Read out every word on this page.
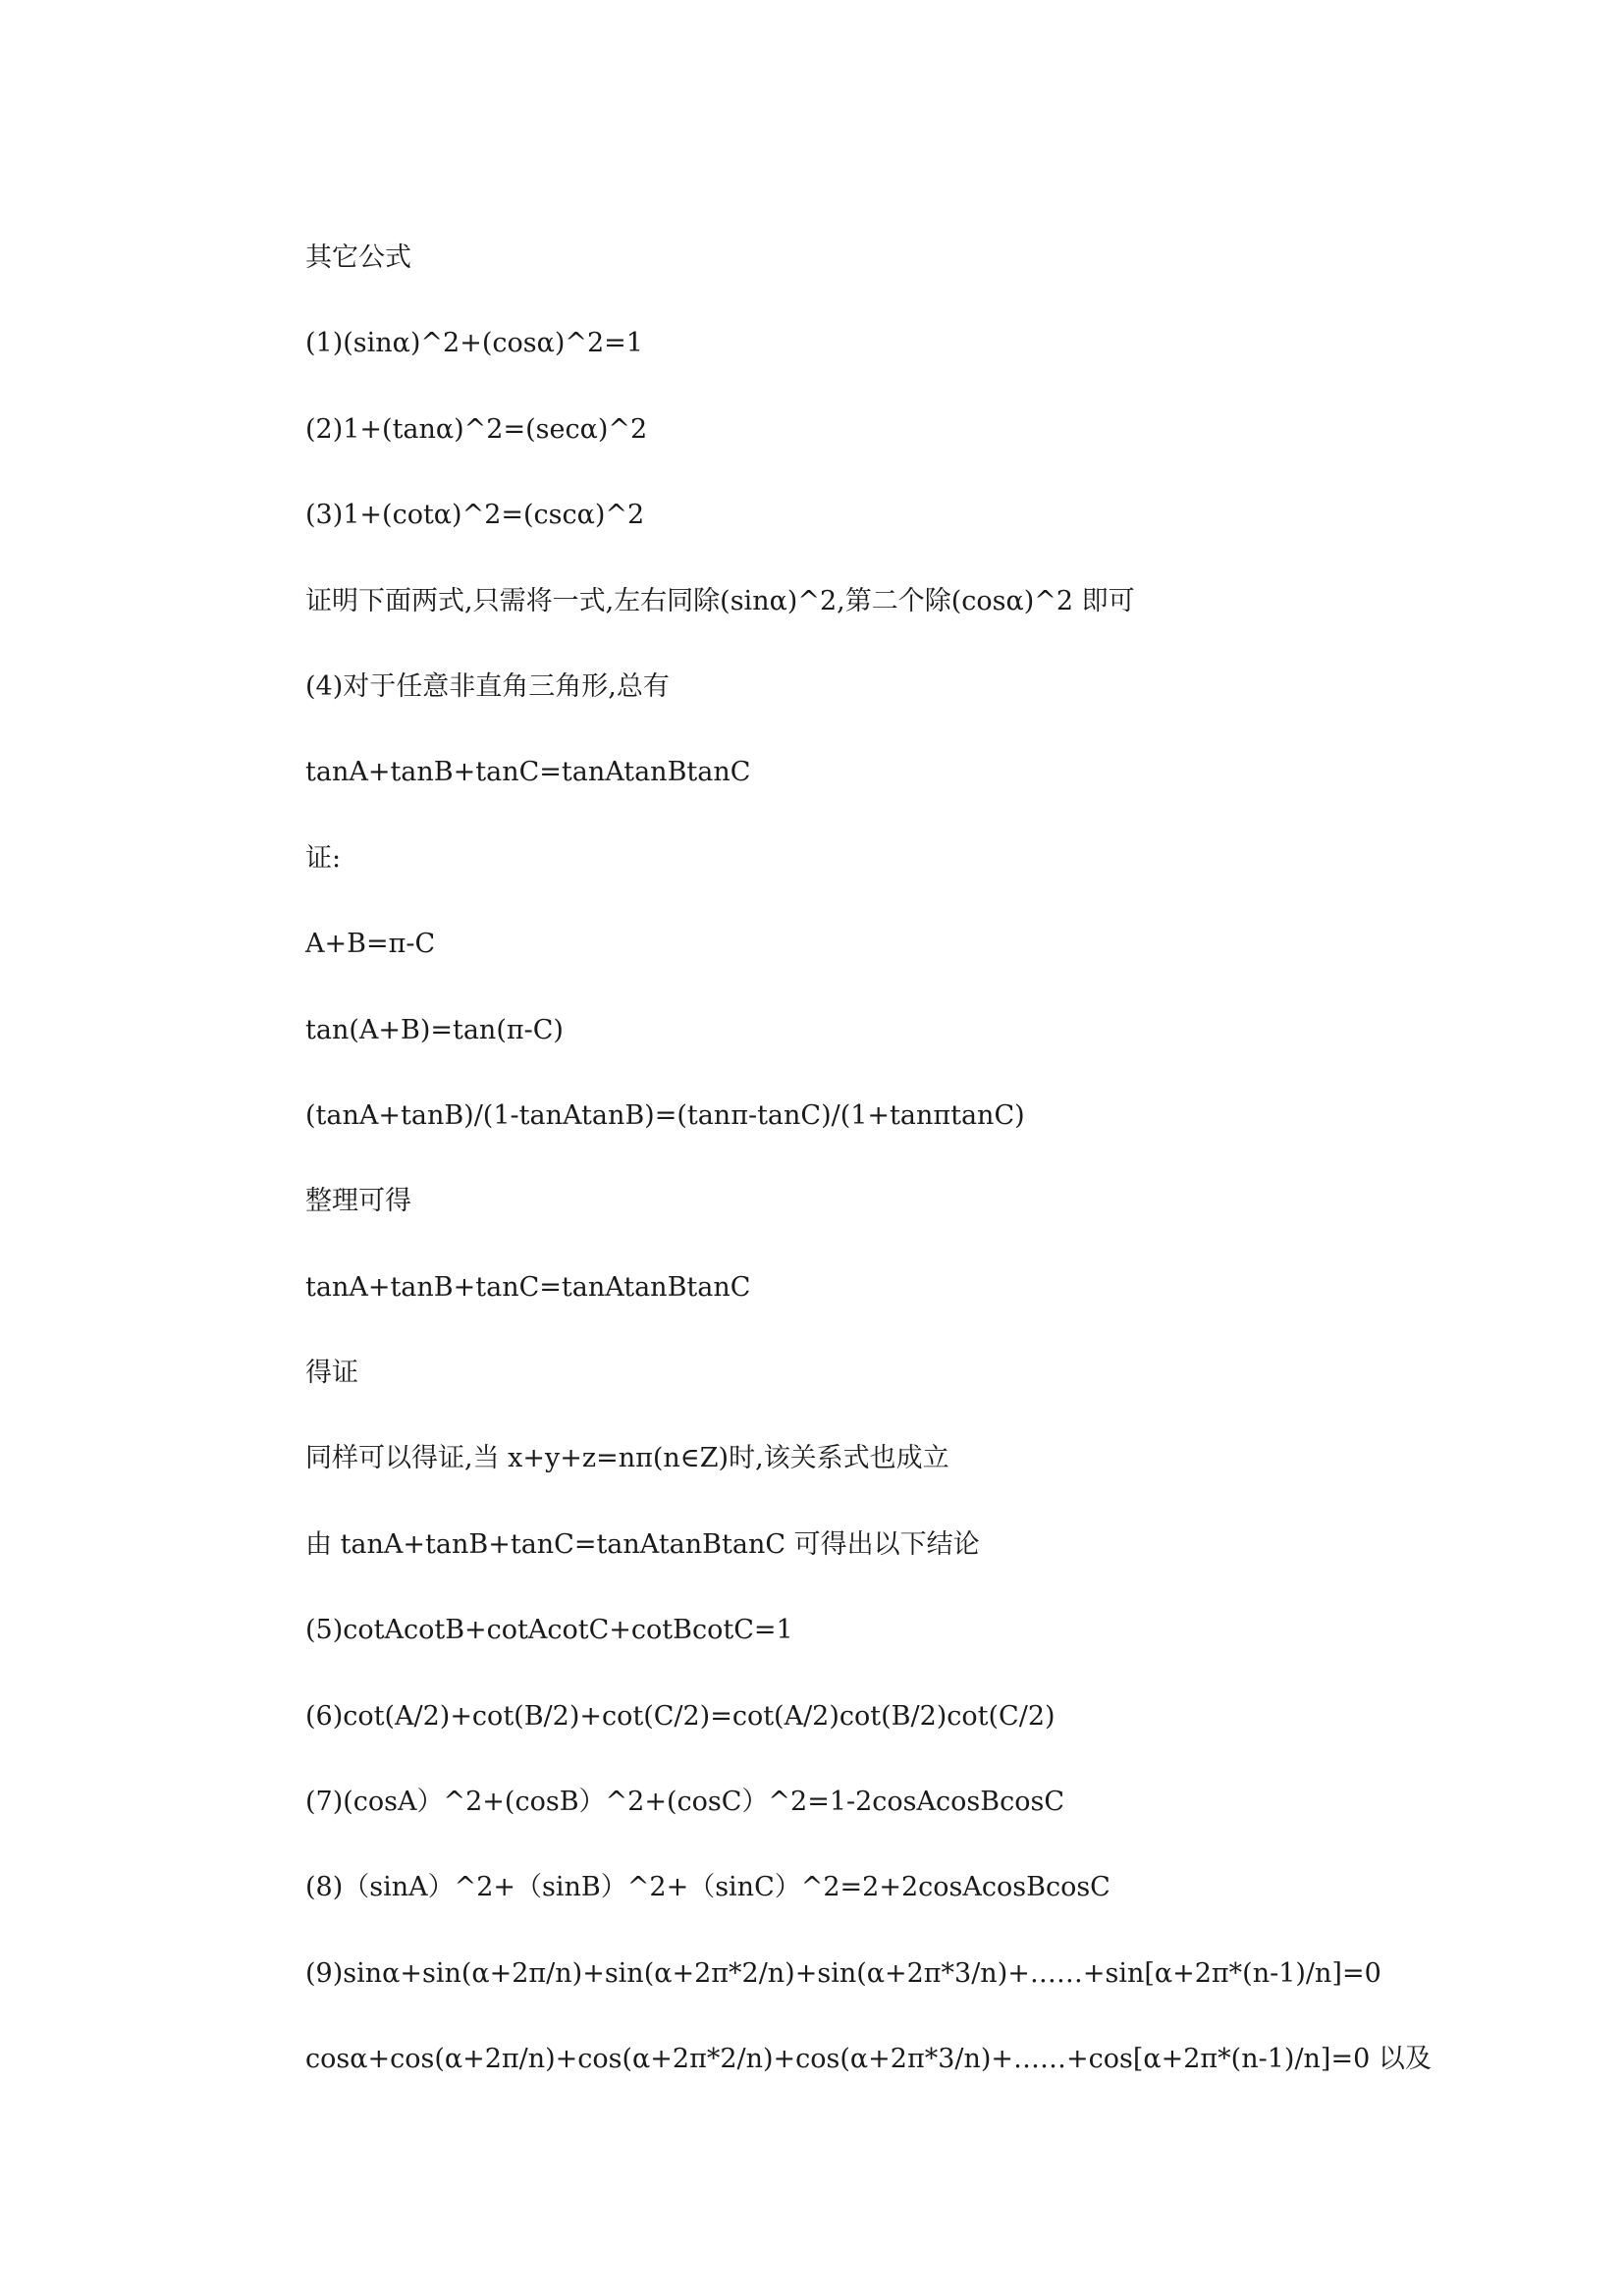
其它公式
(1)(sinα)^2+(cosα)^2=1
(2)1+(tanα)^2=(secα)^2
(3)1+(cotα)^2=(cscα)^2
证明下面两式,只需将一式,左右同除(sinα)^2,第二个除(cosα)^2 即可
(4)对于任意非直角三角形,总有
tanA+tanB+tanC=tanAtanBtanC
证:
A+B=π-C
tan(A+B)=tan(π-C)
(tanA+tanB)/(1-tanAtanB)=(tanπ-tanC)/(1+tanπtanC)
整理可得
tanA+tanB+tanC=tanAtanBtanC
得证
同样可以得证,当 x+y+z=nπ(n∈Z)时,该关系式也成立
由 tanA+tanB+tanC=tanAtanBtanC 可得出以下结论
(5)cotAcotB+cotAcotC+cotBcotC=1
(6)cot(A/2)+cot(B/2)+cot(C/2)=cot(A/2)cot(B/2)cot(C/2)
(7)(cosA）^2+(cosB）^2+(cosC）^2=1-2cosAcosBcosC
(8)（sinA）^2+（sinB）^2+（sinC）^2=2+2cosAcosBcosC
(9)sinα+sin(α+2π/n)+sin(α+2π*2/n)+sin(α+2π*3/n)+……+sin[α+2π*(n-1)/n]=0
cosα+cos(α+2π/n)+cos(α+2π*2/n)+cos(α+2π*3/n)+……+cos[α+2π*(n-1)/n]=0 以及
